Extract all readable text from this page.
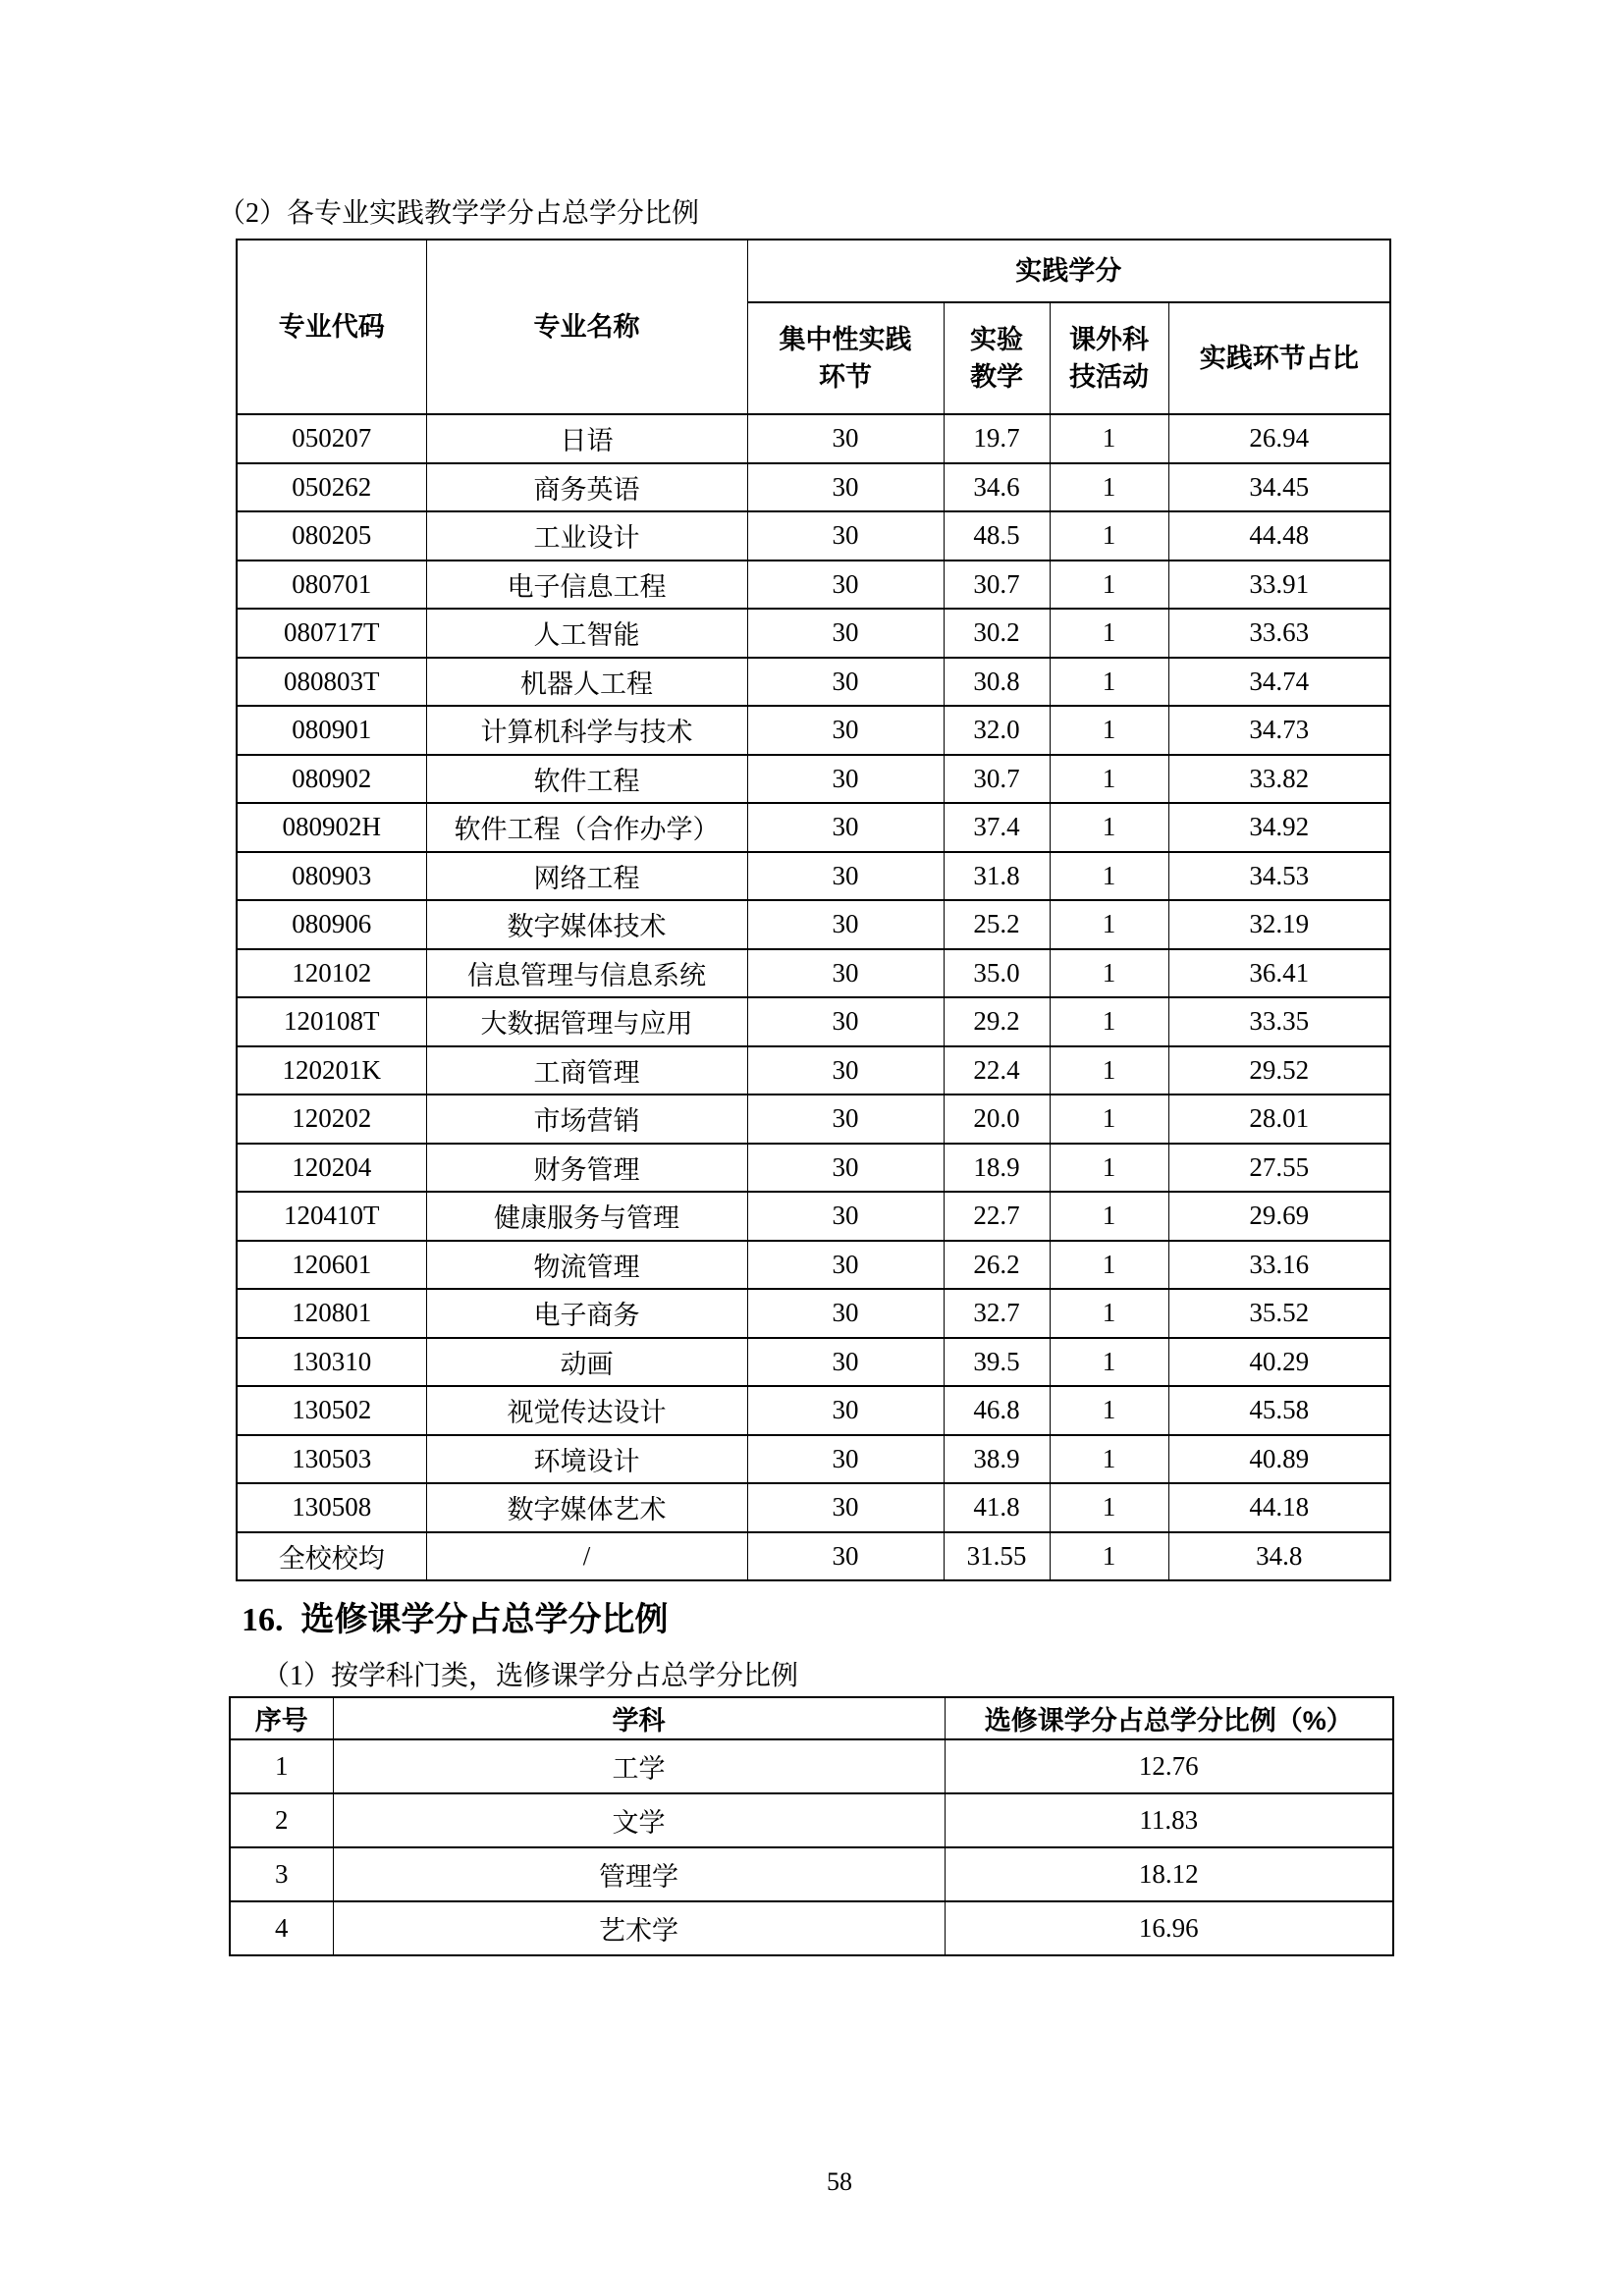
（2）各专业实践教学学分占总学分比例
专业代码	专业名称	实践学分			
		集中性实践环节	实验教学	课外科技活动	实践环节占比
050207	日语	30	19.7	1	26.94
050262	商务英语	30	34.6	1	34.45
080205	工业设计	30	48.5	1	44.48
080701	电子信息工程	30	30.7	1	33.91
080717T	人工智能	30	30.2	1	33.63
080803T	机器人工程	30	30.8	1	34.74
080901	计算机科学与技术	30	32.0	1	34.73
080902	软件工程	30	30.7	1	33.82
080902H	软件工程（合作办学）	30	37.4	1	34.92
080903	网络工程	30	31.8	1	34.53
080906	数字媒体技术	30	25.2	1	32.19
120102	信息管理与信息系统	30	35.0	1	36.41
120108T	大数据管理与应用	30	29.2	1	33.35
120201K	工商管理	30	22.4	1	29.52
120202	市场营销	30	20.0	1	28.01
120204	财务管理	30	18.9	1	27.55
120410T	健康服务与管理	30	22.7	1	29.69
120601	物流管理	30	26.2	1	33.16
120801	电子商务	30	32.7	1	35.52
130310	动画	30	39.5	1	40.29
130502	视觉传达设计	30	46.8	1	45.58
130503	环境设计	30	38.9	1	40.89
130508	数字媒体艺术	30	41.8	1	44.18
全校校均	/	30	31.55	1	34.8
16. 选修课学分占总学分比例
（1）按学科门类，选修课学分占总学分比例
序号	学科	选修课学分占总学分比例（%）
1	工学	12.76
2	文学	11.83
3	管理学	18.12
4	艺术学	16.96
58
